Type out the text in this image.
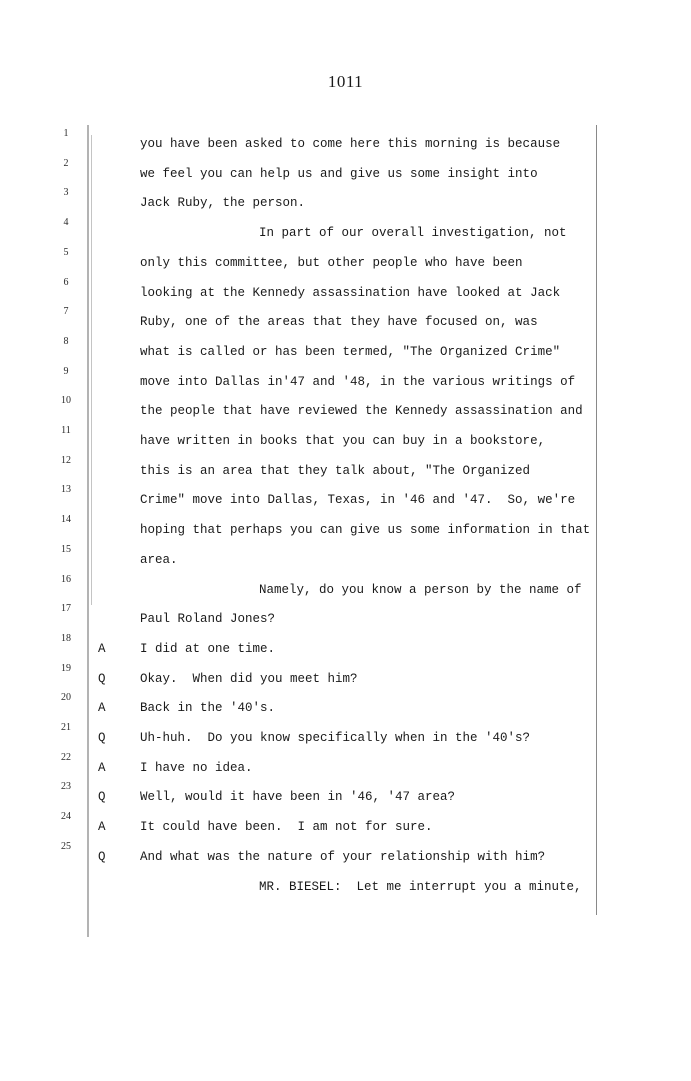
1011
1
you have been asked to come here this morning is because
2
we feel you can help us and give us some insight into
3
Jack Ruby, the person.
4
In part of our overall investigation, not
5
only this committee, but other people who have been
6
looking at the Kennedy assassination have looked at Jack
7
Ruby, one of the areas that they have focused on, was
8
what is called or has been termed, "The Organized Crime"
9
move into Dallas in'47 and '48, in the various writings of
10
the people that have reviewed the Kennedy assassination and
11
have written in books that you can buy in a bookstore,
12
this is an area that they talk about, "The Organized
13
Crime" move into Dallas, Texas, in '46 and '47.  So, we're
14
hoping that perhaps you can give us some information in that
15
area.
16
Namely, do you know a person by the name of
17
Paul Roland Jones?
18
A	I did at one time.
19
Q	Okay.  When did you meet him?
20
A	Back in the '40's.
21
Q	Uh-huh.  Do you know specifically when in the '40's?
22
A	I have no idea.
23
Q	Well, would it have been in '46, '47 area?
24
A	It could have been.  I am not for sure.
25
Q	And what was the nature of your relationship with him?
MR. BIESEL:  Let me interrupt you a minute,
